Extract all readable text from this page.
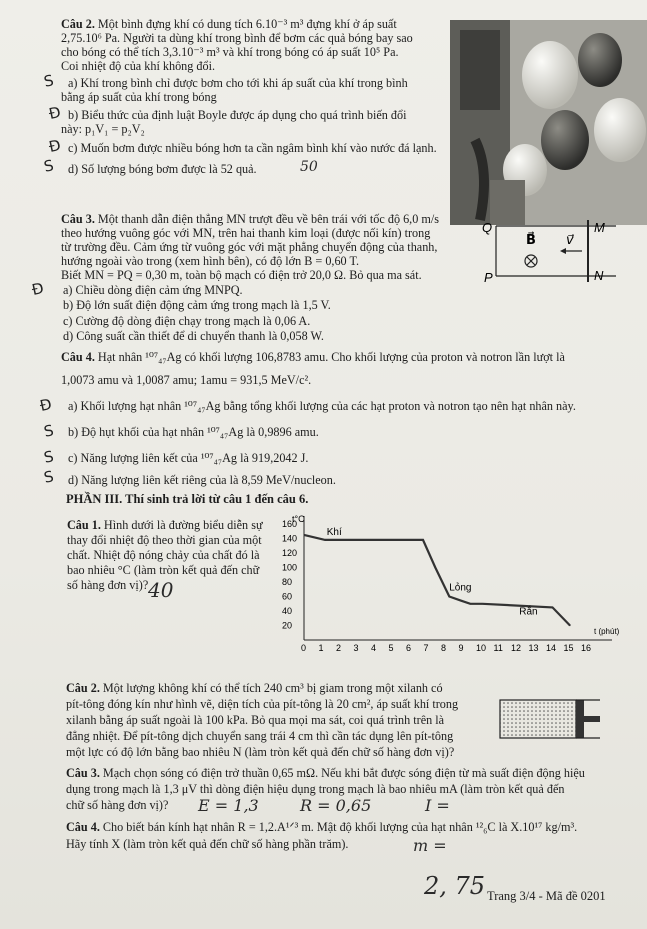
Câu 2. Một bình đựng khí có dung tích 6.10⁻³ m³ đựng khí ở áp suất
2,75.10⁶ Pa. Người ta dùng khí trong bình để bơm các quả bóng bay sao
cho bóng có thể tích 3,3.10⁻³ m³ và khí trong bóng có áp suất 10⁵ Pa.
Coi nhiệt độ của khí không đổi.
a) Khí trong bình chỉ được bơm cho tới khi áp suất của khí trong bình
bằng áp suất của khí trong bóng
b) Biểu thức của định luật Boyle được áp dụng cho quá trình biến đổi
này: p₁V₁ = p₂V₂
c) Muốn bơm được nhiều bóng hơn ta cần ngâm bình khí vào nước đá lạnh.
d) Số lượng bóng bơm được là 52 quả.
S
Đ
Đ
S	50
Câu 3. Một thanh dẫn điện thẳng MN trượt đều về bên trái với tốc độ 6,0 m/s
theo hướng vuông góc với MN, trên hai thanh kim loại (được nối kín) trong
từ trường đều. Cảm ứng từ vuông góc với mặt phẳng chuyển động của thanh,
hướng ngoài vào trong (xem hình bên), có độ lớn B = 0,60 T.
Biết MN = PQ = 0,30 m, toàn bộ mạch có điện trở 20,0 Ω. Bỏ qua ma sát.
a) Chiều dòng điện cảm ứng MNPQ.
b) Độ lớn suất điện động cảm ứng trong mạch là 1,5 V.
c) Cường độ dòng điện chạy trong mạch là 0,06 A.
d) Công suất cần thiết để di chuyển thanh là 0,058 W.
Đ
Q
P
M
N
B⃗ v⃗
Câu 4. Hạt nhân ¹⁰⁷₄₇Ag có khối lượng 106,8783 amu. Cho khối lượng của proton và notron lần lượt là
1,0073 amu và 1,0087 amu; 1amu = 931,5 MeV/c².
a) Khối lượng hạt nhân ¹⁰⁷₄₇Ag bằng tổng khối lượng của các hạt proton và notron tạo nên hạt nhân này.
b) Độ hụt khối của hạt nhân ¹⁰⁷₄₇Ag là 0,9896 amu.
c) Năng lượng liên kết của ¹⁰⁷₄₇Ag là 919,2042 J.
d) Năng lượng liên kết riêng của là 8,59 MeV/nucleon.
Đ
S
S
S
PHẦN III. Thí sinh trả lời từ câu 1 đến câu 6.
Câu 1. Hình dưới là đường biểu diễn sự
thay đổi nhiệt độ theo thời gian của một
chất. Nhiệt độ nóng chảy của chất đó là
bao nhiêu °C (làm tròn kết quả đến chữ
số hàng đơn vị)? 40
t°C
t (phút)
0 1 2 3 4 5 6 7 8 9 10 11 12 13 14 15 16
20
40
60
80
100
120
140
160
Khí
Lỏng
Rắn
Câu 2. Một lượng không khí có thể tích 240 cm³ bị giam trong một xilanh có
pít-tông đóng kín như hình vẽ, diện tích của pít-tông là 20 cm², áp suất khí trong
xilanh bằng áp suất ngoài là 100 kPa. Bỏ qua mọi ma sát, coi quá trình trên là
đẳng nhiệt. Để pít-tông dịch chuyển sang trái 4 cm thì cần tác dụng lên pít-tông
một lực có độ lớn bằng bao nhiêu N (làm tròn kết quả đến chữ số hàng đơn vị)?
Câu 3. Mạch chọn sóng có điện trở thuần 0,65 mΩ. Nếu khi bắt được sóng điện từ mà suất điện động hiệu
dụng trong mạch là 1,3 μV thì dòng điện hiệu dụng trong mạch là bao nhiêu mA (làm tròn kết quả đến
chữ số hàng đơn vị)? E = 1,3	R = 0,65	I =
Câu 4. Cho biết bán kính hạt nhân R = 1,2.A¹ᐟ³ m. Mật độ khối lượng của hạt nhân ¹²₆C là X.10¹⁷ kg/m³.
Hãy tính X (làm tròn kết quả đến chữ số hàng phần trăm).	m =
2, 75 Trang 3/4 - Mã đề 0201
